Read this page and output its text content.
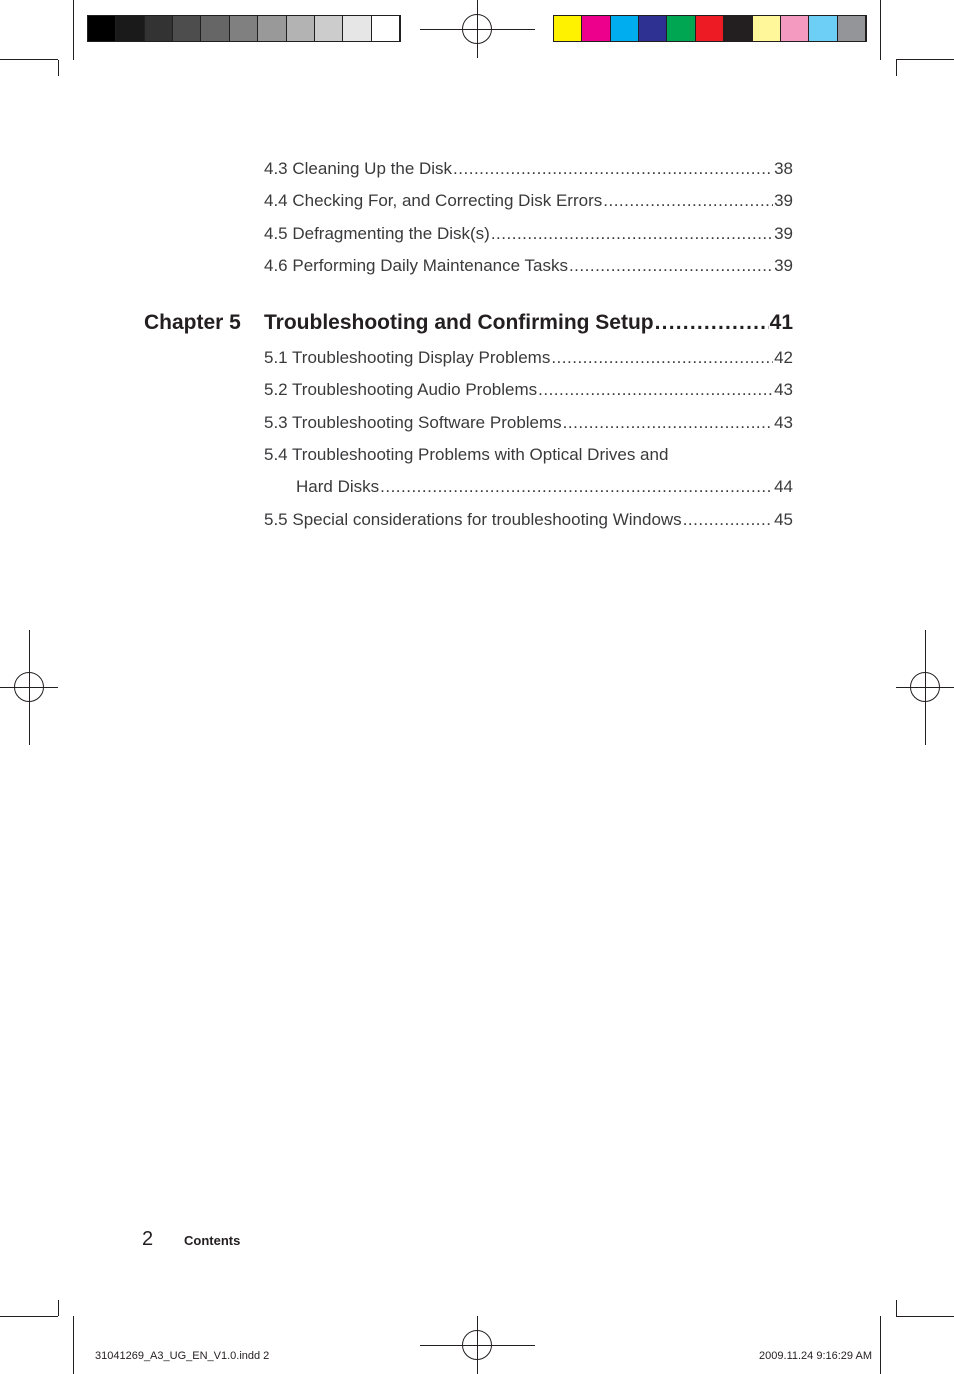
4.3 Cleaning Up the Disk .....	38
4.4 Checking For, and Correcting Disk Errors .....	39
4.5 Defragmenting the Disk(s) .....	39
4.6 Performing Daily Maintenance Tasks .....	39
Chapter 5 Troubleshooting and Confirming Setup .....	41
5.1 Troubleshooting Display Problems .....	42
5.2 Troubleshooting Audio Problems .....	43
5.3 Troubleshooting Software Problems .....	43
5.4 Troubleshooting Problems with Optical Drives and
Hard Disks .....	44
5.5 Special considerations for troubleshooting Windows .....	45
2 Contents
31041269_A3_UG_EN_V1.0.indd 2	2009.11.24 9:16:29 AM
